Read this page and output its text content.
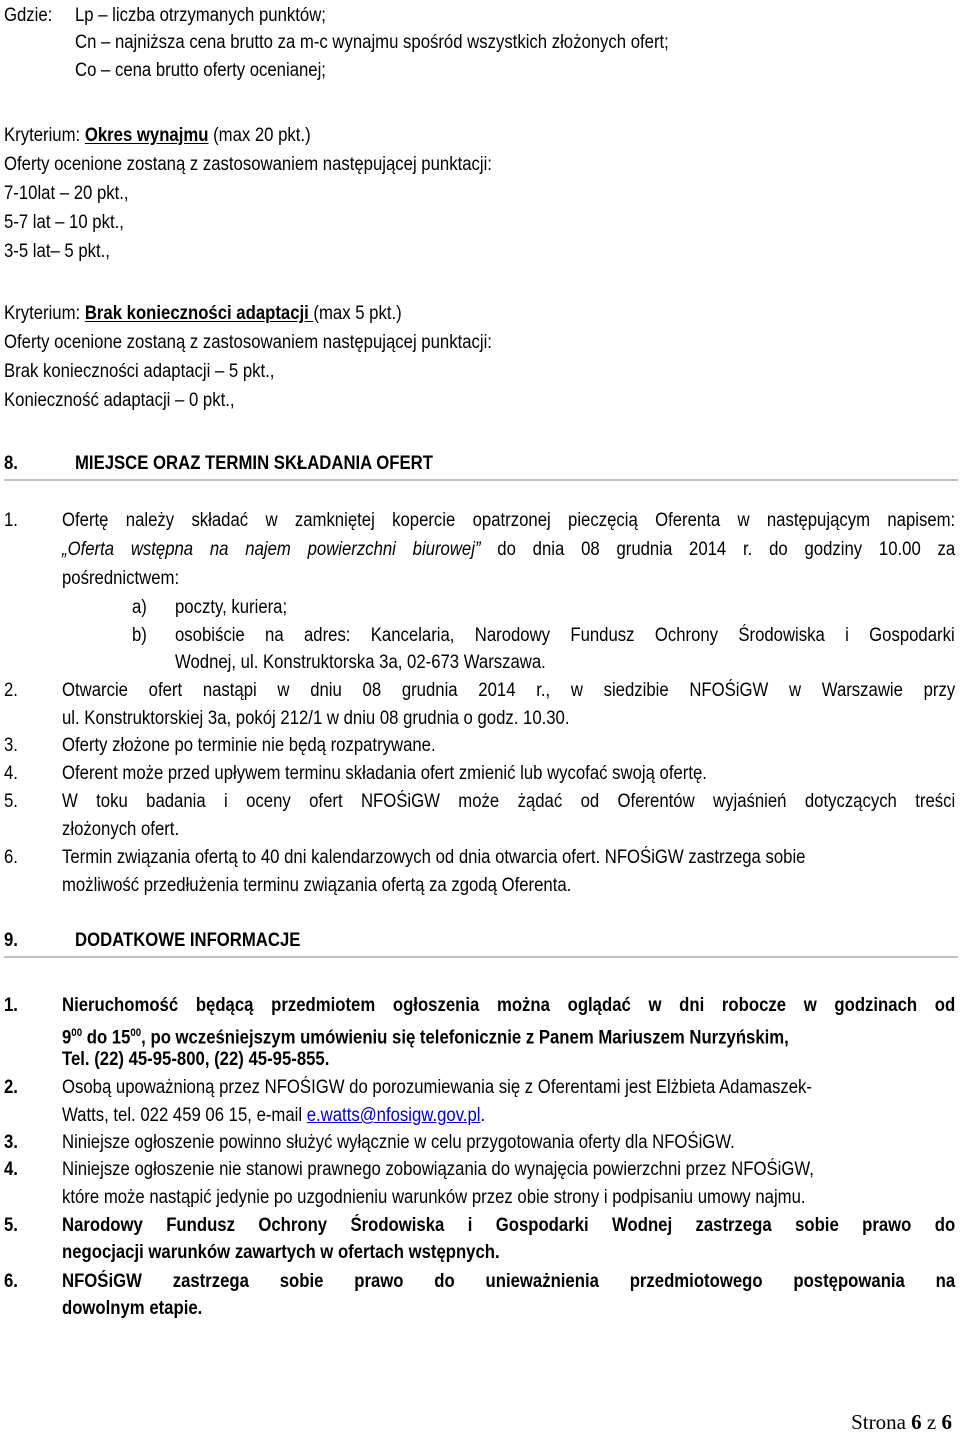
Gdzie: Lp – liczba otrzymanych punktów;

Cn – najniższa cena brutto za m-c wynajmu spośród wszystkich złożonych ofert;

Co – cena brutto oferty ocenianej;

Kryterium: Okres wynajmu (max 20 pkt.)

Oferty ocenione zostaną z zastosowaniem następującej punktacji:

7-10lat – 20 pkt.,

5-7 lat – 10 pkt.,

3-5 lat– 5 pkt.,

Kryterium: Brak konieczności adaptacji (max 5 pkt.)

Oferty ocenione zostaną z zastosowaniem następującej punktacji:

Brak konieczności adaptacji – 5 pkt.,

Konieczność adaptacji – 0 pkt.,

8.	MIEJSCE ORAZ TERMIN SKŁADANIA OFERT

1. Ofertę należy składać w zamkniętej kopercie opatrzonej pieczęcią Oferenta w następującym napisem:

„Oferta wstępna na najem powierzchni biurowej” do dnia 08 grudnia 2014 r. do godziny 10.00 za

pośrednictwem:

a) poczty, kuriera;

b) osobiście na adres: Kancelaria, Narodowy Fundusz Ochrony Środowiska i Gospodarki

Wodnej, ul. Konstruktorska 3a, 02-673 Warszawa.

2. Otwarcie ofert nastąpi w dniu 08 grudnia 2014 r., w siedzibie NFOŚiGW w Warszawie przy

ul. Konstruktorskiej 3a, pokój 212/1 w dniu 08 grudnia o godz. 10.30.

3. Oferty złożone po terminie nie będą rozpatrywane.

4. Oferent może przed upływem terminu składania ofert zmienić lub wycofać swoją ofertę.

5. W toku badania i oceny ofert NFOŚiGW może żądać od Oferentów wyjaśnień dotyczących treści

złożonych ofert.

6. Termin związania ofertą to 40 dni kalendarzowych od dnia otwarcia ofert. NFOŚiGW zastrzega sobie

możliwość przedłużenia terminu związania ofertą za zgodą Oferenta.

9.	DODATKOWE INFORMACJE

1. Nieruchomość będącą przedmiotem ogłoszenia można oglądać w dni robocze w godzinach od

$9^{00}$ do $15^{00}$, po wcześniejszym umówieniu się telefonicznie z Panem Mariuszem Nurzyńskim,

Tel. (22) 45-95-800, (22) 45-95-855.

2. Osobą upoważnioną przez NFOŚIGW do porozumiewania się z Oferentami jest Elżbieta Adamaszek-

Watts, tel. 022 459 06 15, e-mail e.watts@nfosigw.gov.pl.

3. Niniejsze ogłoszenie powinno służyć wyłącznie w celu przygotowania oferty dla NFOŚiGW.

4. Niniejsze ogłoszenie nie stanowi prawnego zobowiązania do wynajęcia powierzchni przez NFOŚiGW,

które może nastąpić jedynie po uzgodnieniu warunków przez obie strony i podpisaniu umowy najmu.

5. Narodowy Fundusz Ochrony Środowiska i Gospodarki Wodnej zastrzega sobie prawo do

negocjacji warunków zawartych w ofertach wstępnych.

6. NFOŚiGW zastrzega sobie prawo do unieważnienia przedmiotowego postępowania na

dowolnym etapie.

Strona 6 z 6
